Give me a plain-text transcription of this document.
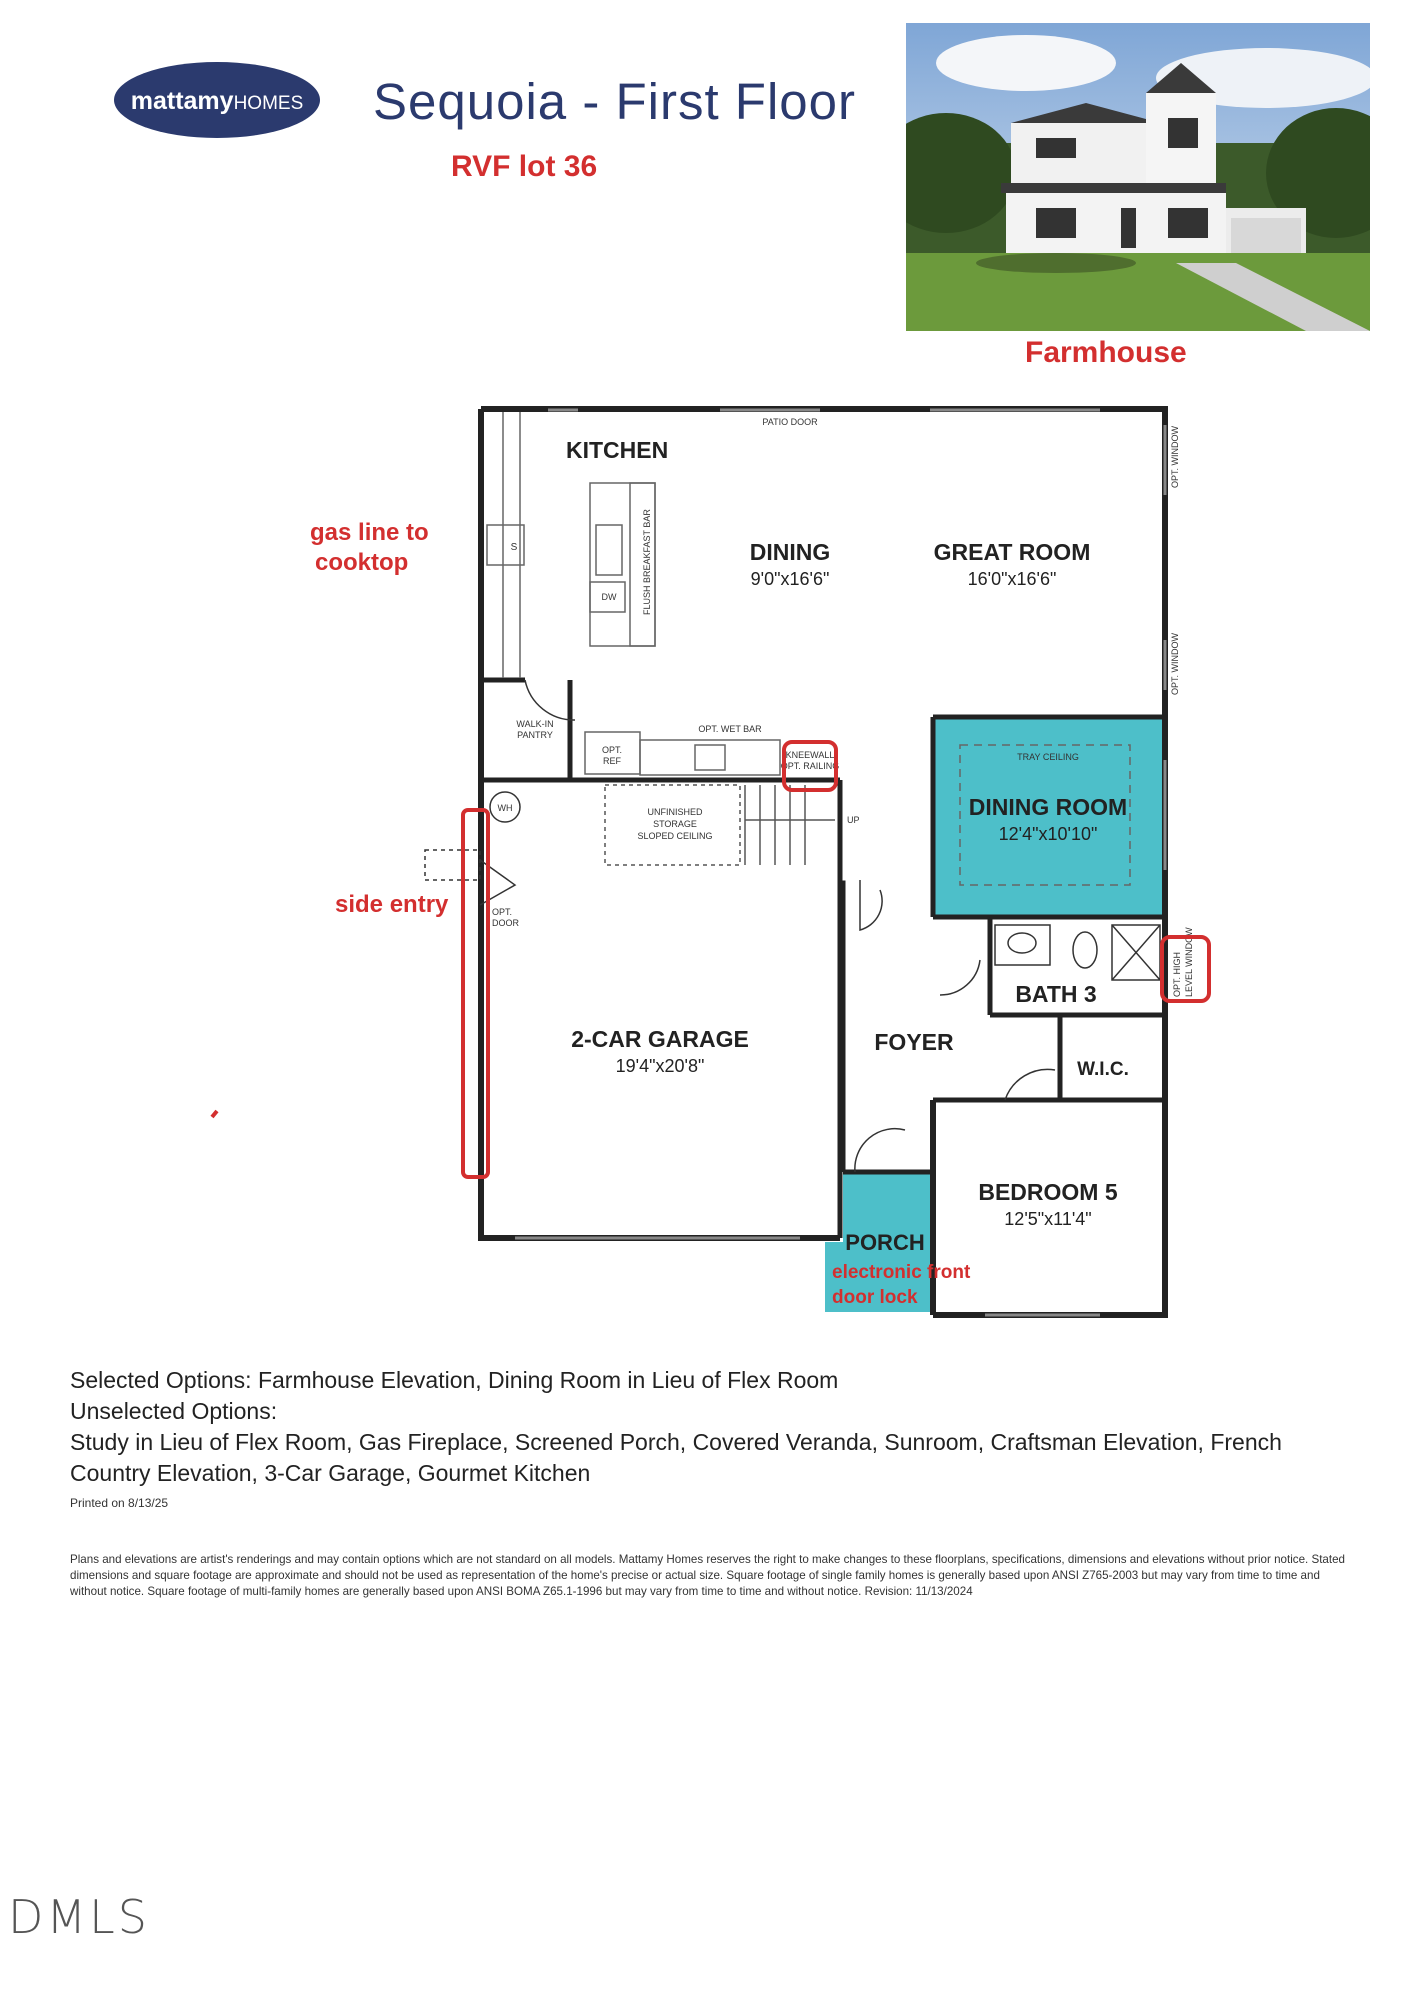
mattamyHOMES Sequoia - First Floor
RVF lot 36
Farmhouse
KITCHEN
DINING
9'0"x16'6"
GREAT ROOM
16'0"x16'6"
DINING ROOM
12'4"x10'10"
2-CAR GARAGE
19'4"x20'8"
FOYER
BATH 3
W.I.C.
BEDROOM 5
12'5"x11'4"
PORCH
PATIO DOOR
OPT. WINDOW
OPT. WINDOW
S
DW	FLUSH BREAKFAST BAR
WALK-IN
PANTRY
OPT. WET BAR
OPT.
REF
KNEEWALL
OPT. RAILING
TRAY CEILING
WH	UNFINISHED
STORAGE
SLOPED CEILING
UP
OPT.
DOOR
OPT. HIGH LEVEL WINDOW
gas line to
cooktop
side entry
electronic front
door lock
Selected Options: Farmhouse Elevation, Dining Room in Lieu of Flex Room
Unselected Options:
Study in Lieu of Flex Room, Gas Fireplace, Screened Porch, Covered Veranda, Sunroom, Craftsman Elevation, French Country Elevation, 3-Car Garage, Gourmet Kitchen
Printed on 8/13/25
Plans and elevations are artist's renderings and may contain options which are not standard on all models. Mattamy Homes reserves the right to make changes to these floorplans, specifications, dimensions and elevations without prior notice. Stated dimensions and square footage are approximate and should not be used as representation of the home's precise or actual size. Square footage of single family homes is generally based upon ANSI Z765-2003 but may vary from time to time and without notice. Square footage of multi-family homes are generally based upon ANSI BOMA Z65.1-1996 but may vary from time to time and without notice. Revision: 11/13/2024
DMLS
